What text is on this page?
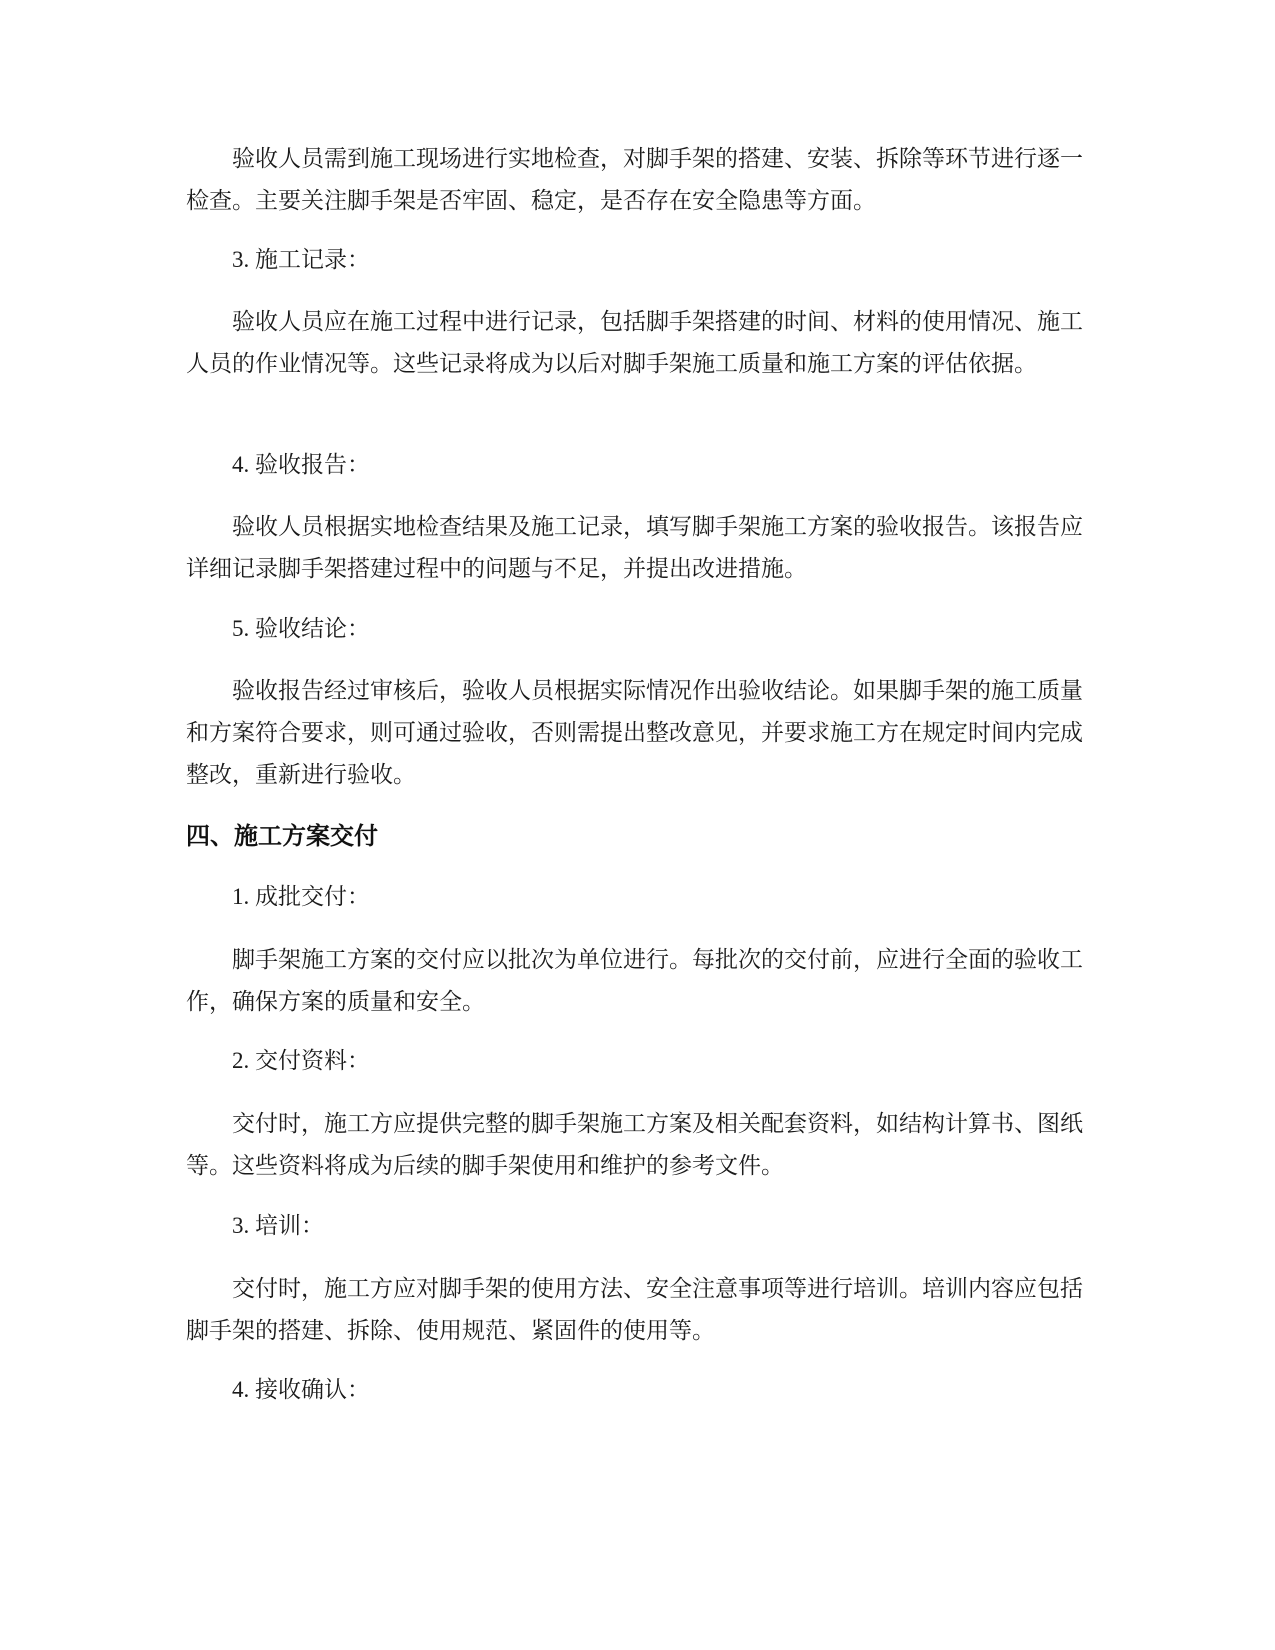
验收人员需到施工现场进行实地检查，对脚手架的搭建、安装、拆除等环节进行逐一检查。主要关注脚手架是否牢固、稳定，是否存在安全隐患等方面。

3. 施工记录：

验收人员应在施工过程中进行记录，包括脚手架搭建的时间、材料的使用情况、施工人员的作业情况等。这些记录将成为以后对脚手架施工质量和施工方案的评估依据。

4. 验收报告：

验收人员根据实地检查结果及施工记录，填写脚手架施工方案的验收报告。该报告应详细记录脚手架搭建过程中的问题与不足，并提出改进措施。

5. 验收结论：

验收报告经过审核后，验收人员根据实际情况作出验收结论。如果脚手架的施工质量和方案符合要求，则可通过验收，否则需提出整改意见，并要求施工方在规定时间内完成整改，重新进行验收。

四、施工方案交付

1. 成批交付：

脚手架施工方案的交付应以批次为单位进行。每批次的交付前，应进行全面的验收工作，确保方案的质量和安全。

2. 交付资料：

交付时，施工方应提供完整的脚手架施工方案及相关配套资料，如结构计算书、图纸等。这些资料将成为后续的脚手架使用和维护的参考文件。

3. 培训：

交付时，施工方应对脚手架的使用方法、安全注意事项等进行培训。培训内容应包括脚手架的搭建、拆除、使用规范、紧固件的使用等。

4. 接收确认：
